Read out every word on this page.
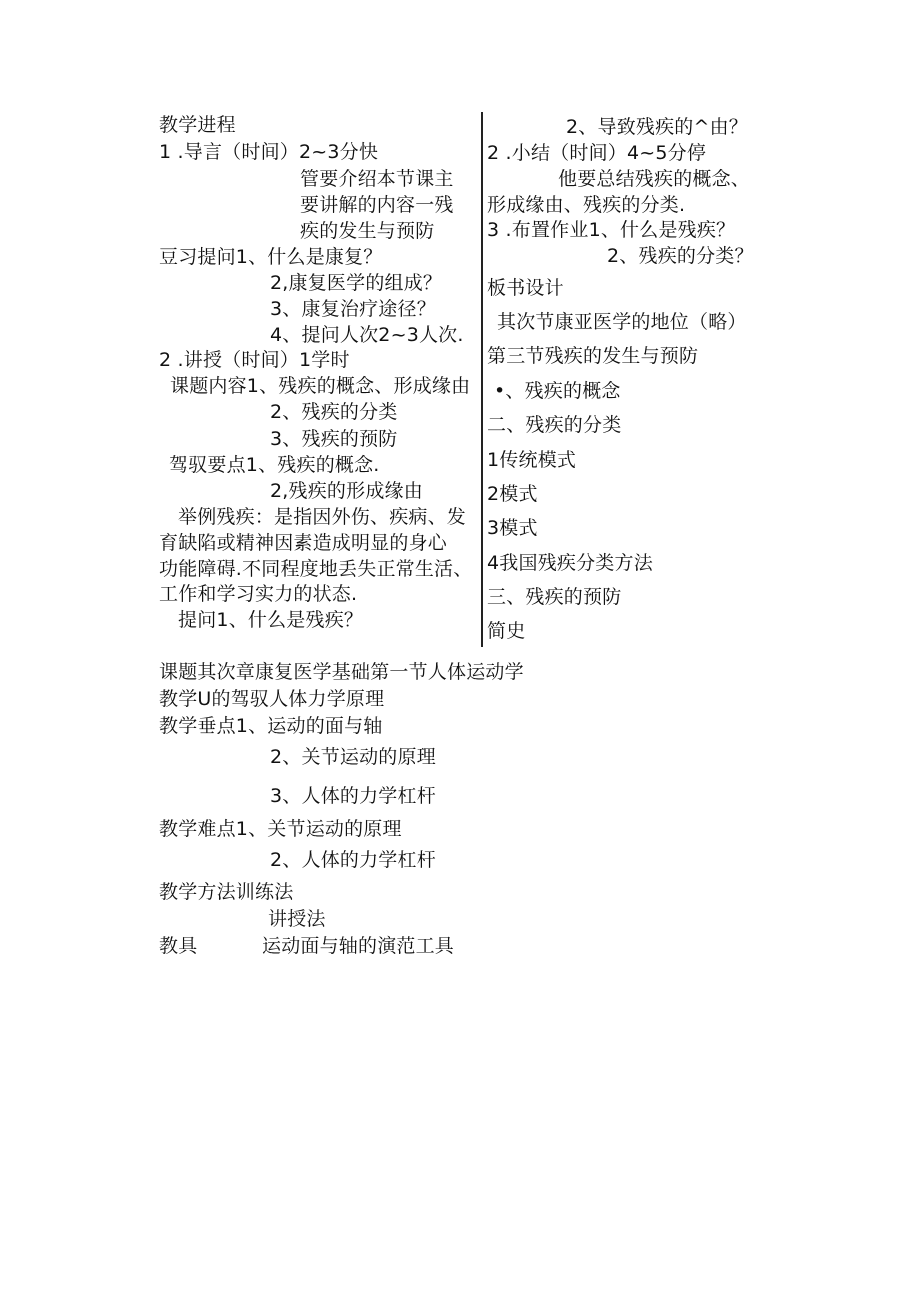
教学进程
1 .导言（时间）2~3分快
管要介绍本节课主
要讲解的内容一残
疾的发生与预防
豆习提问1、什么是康复？
2,康复医学的组成？
3、康复治疗途径？
4、提问人次2~3人次.
2 .讲授（时间）1学时
课题内容1、残疾的概念、形成缘由
2、残疾的分类
3、残疾的预防
驾驭要点1、残疾的概念.
2,残疾的形成缘由
举例残疾：是指因外伤、疾病、发
育缺陷或精神因素造成明显的身心
功能障碍.不同程度地丢失正常生活、
工作和学习实力的状态.
提问1、什么是残疾？
2、导致残疾的^由？
2 .小结（时间）4~5分停
他要总结残疾的概念、
形成缘由、残疾的分类.
3 .布置作业1、什么是残疾？
2、残疾的分类？
板书设计
其次节康亚医学的地位（略）
第三节残疾的发生与预防
•、残疾的概念
二、残疾的分类
1传统模式
2模式
3模式
4我国残疾分类方法
三、残疾的预防
简史
课题其次章康复医学基础第一节人体运动学
教学U的驾驭人体力学原理
教学垂点1、运动的面与轴
2、关节运动的原理
3、人体的力学杠杆
教学难点1、关节运动的原理
2、人体的力学杠杆
教学方法训练法
讲授法
教具	运动面与轴的演范工具
